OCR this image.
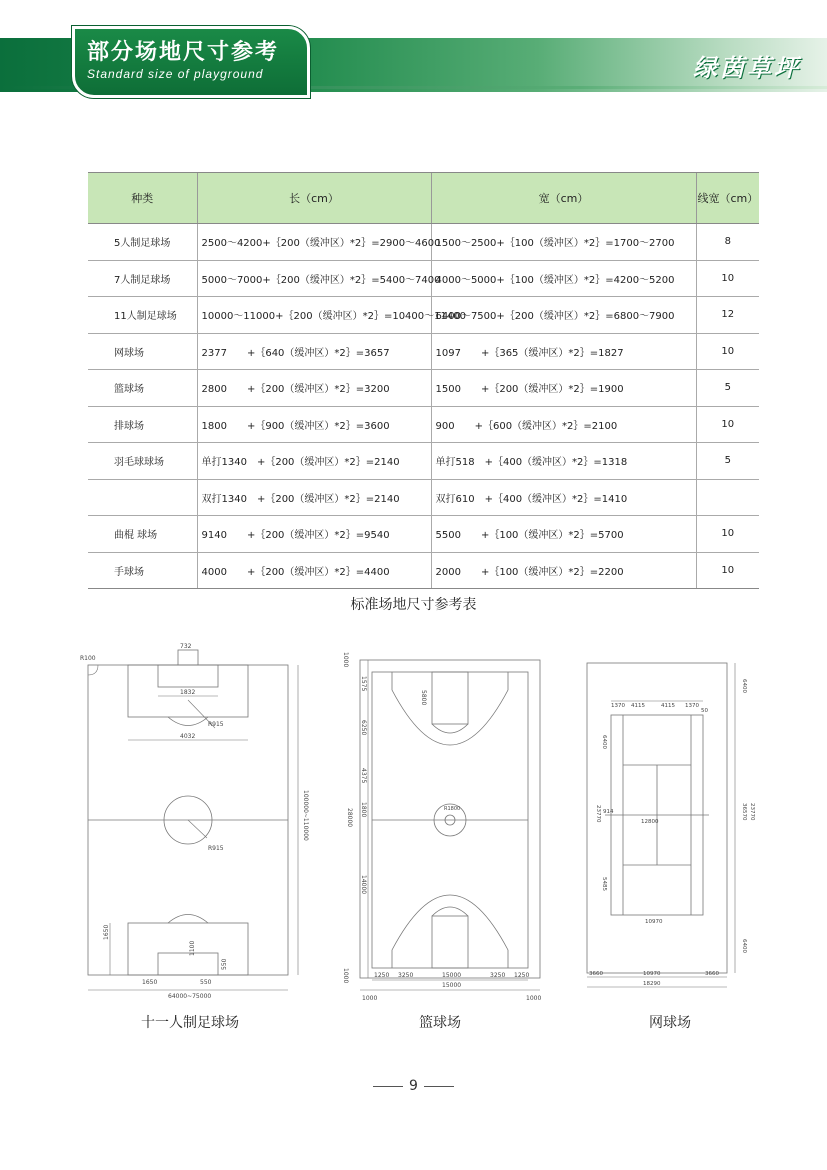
部分场地尺寸参考
Standard size of playground	绿茵草坪
种类	长（cm）	宽（cm）	线宽（cm）
5人制足球场	2500～4200+｛200（缓冲区）*2｝=2900～4600	1500～2500+｛100（缓冲区）*2｝=1700～2700	8
7人制足球场	5000～7000+｛200（缓冲区）*2｝=5400～7400	4000～5000+｛100（缓冲区）*2｝=4200～5200	10
11人制足球场	10000～11000+｛200（缓冲区）*2｝=10400～11400	6400～7500+｛200（缓冲区）*2｝=6800～7900	12
网球场	2377　　+｛640（缓冲区）*2｝=3657	1097　　+｛365（缓冲区）*2｝=1827	10
篮球场	2800　　+｛200（缓冲区）*2｝=3200	1500　　+｛200（缓冲区）*2｝=1900	5
排球场	1800　　+｛900（缓冲区）*2｝=3600	900　　+｛600（缓冲区）*2｝=2100	10
羽毛球球场	单打1340　+｛200（缓冲区）*2｝=2140	单打518　+｛400（缓冲区）*2｝=1318	5
	双打1340　+｛200（缓冲区）*2｝=2140	双打610　+｛400（缓冲区）*2｝=1410	
曲棍 球场	9140　　+｛200（缓冲区）*2｝=9540	5500　　+｛100（缓冲区）*2｝=5700	10
手球场	4000　　+｛200（缓冲区）*2｝=4400	2000　　+｛100（缓冲区）*2｝=2200	10
标准场地尺寸参考表
732
1832
4032
R915
R100
R915
100000~110000
64000~75000
1650
550
1100
1650	550
十一人制足球场
1000
1575
5800
6250
4375
1800
28000
14000
1000
R1800
1250 3250	15000	3250 1250
15000
1000	1000
篮球场
1370 4115	4115 1370
50
6400
36570 23770
6400
6400
23770 914
5485
12800
10970
3660	10970	3660
18290
网球场
9
